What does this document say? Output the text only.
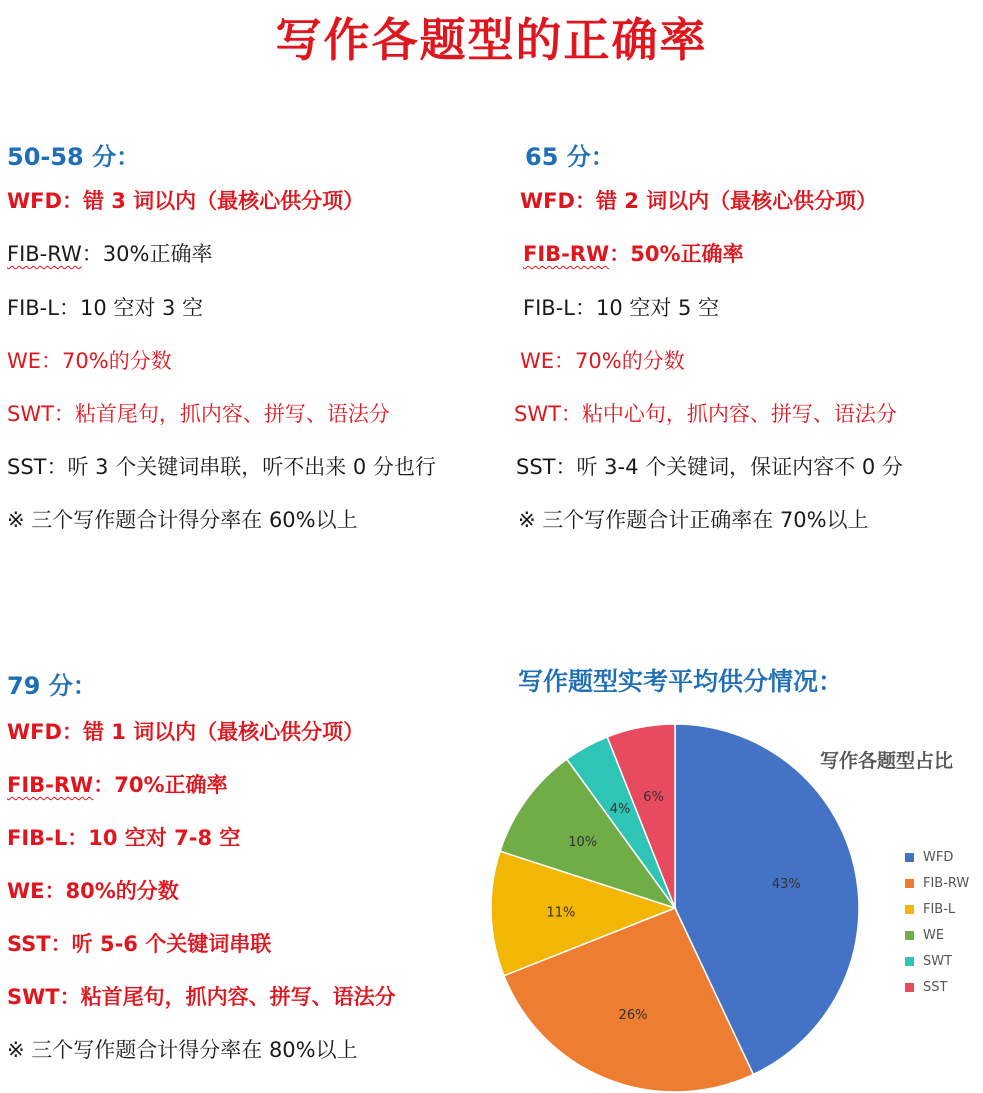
写作各题型的正确率
50-58 分：
WFD ： 错 3 词以内（最核心供分项）
FIB-RW ： 30%正确率
FIB-L ： 10 空对 3 空
WE ： 70%的分数
SWT ： 粘首尾句，抓内容、拼写、语法分
SST ： 听 3 个关键词串联，听不出来 0 分也行
※ 三个写作题合计得分率在 60%以上
65 分：
WFD ： 错 2 词以内（最核心供分项）
FIB-RW ： 50%正确率
FIB-L ： 10 空对 5 空
WE ： 70%的分数
SWT ： 粘中心句，抓内容、拼写、语法分
SST ： 听 3-4 个关键词，保证内容不 0 分
※ 三个写作题合计正确率在 70%以上
79 分：
WFD ： 错 1 词以内（最核心供分项）
FIB-RW ： 70%正确率
FIB-L ： 10 空对 7-8 空
WE ： 80%的分数
SST ： 听 5-6 个关键词串联
SWT ： 粘首尾句，抓内容、拼写、语法分
※ 三个写作题合计得分率在 80%以上
写作题型实考平均供分情况：
写作各题型占比
43%
26%
11%
10%
4%
6%
WFD
FIB-RW
FIB-L
WE
SWT
SST
